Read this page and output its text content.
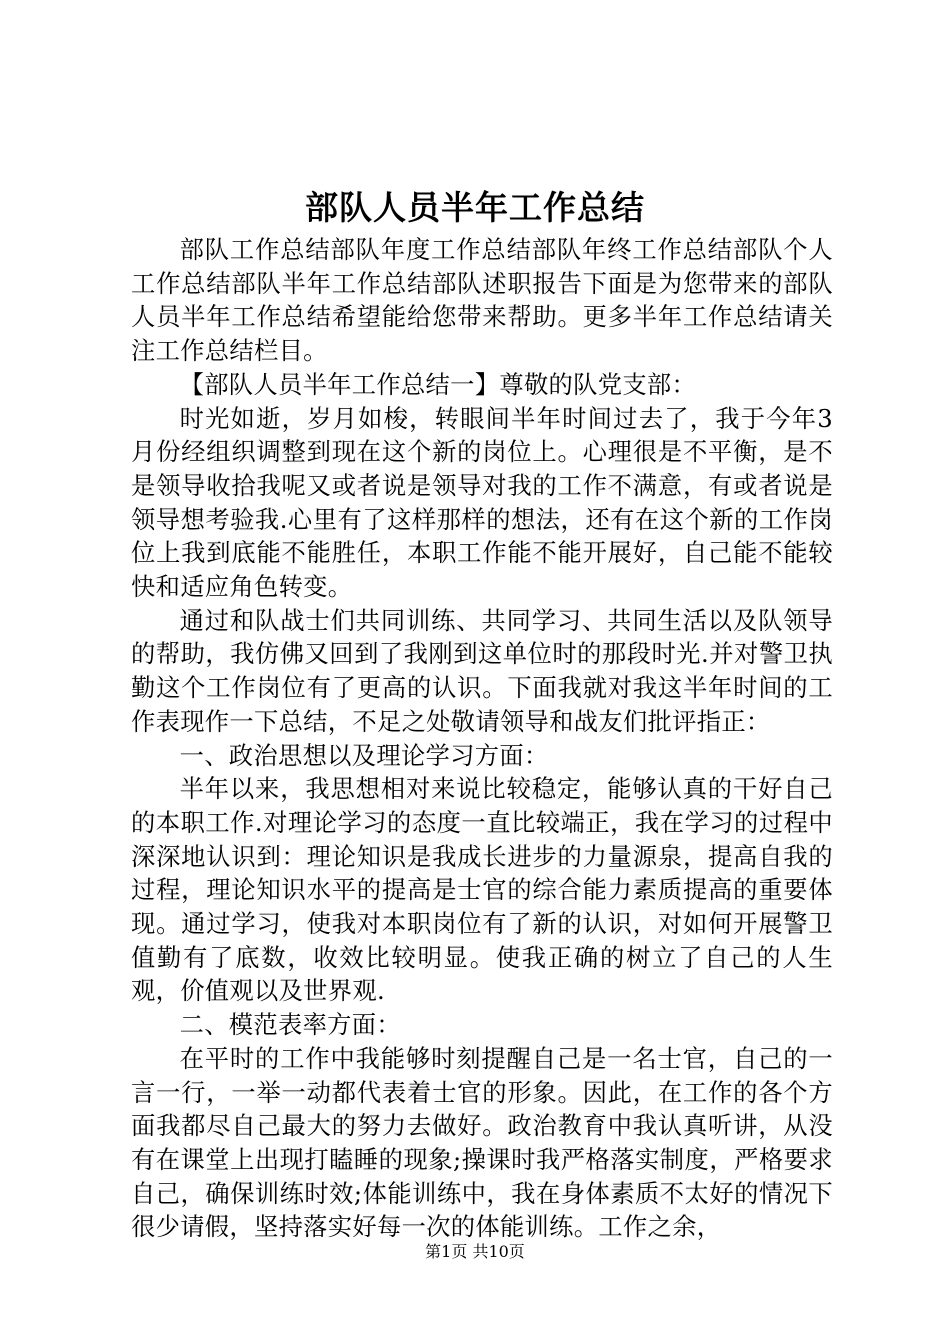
部队人员半年工作总结

部队工作总结部队年度工作总结部队年终工作总结部队个人工作总结部队半年工作总结部队述职报告下面是为您带来的部队人员半年工作总结希望能给您带来帮助。更多半年工作总结请关注工作总结栏目。

【部队人员半年工作总结一】尊敬的队党支部：

时光如逝，岁月如梭，转眼间半年时间过去了，我于今年3月份经组织调整到现在这个新的岗位上。心理很是不平衡，是不是领导收拾我呢又或者说是领导对我的工作不满意，有或者说是领导想考验我.心里有了这样那样的想法，还有在这个新的工作岗位上我到底能不能胜任，本职工作能不能开展好，自己能不能较快和适应角色转变。

通过和队战士们共同训练、共同学习、共同生活以及队领导的帮助，我仿佛又回到了我刚到这单位时的那段时光.并对警卫执勤这个工作岗位有了更高的认识。下面我就对我这半年时间的工作表现作一下总结，不足之处敬请领导和战友们批评指正：

一、政治思想以及理论学习方面：

半年以来，我思想相对来说比较稳定，能够认真的干好自己的本职工作.对理论学习的态度一直比较端正，我在学习的过程中深深地认识到：理论知识是我成长进步的力量源泉，提高自我的过程，理论知识水平的提高是士官的综合能力素质提高的重要体现。通过学习，使我对本职岗位有了新的认识，对如何开展警卫值勤有了底数，收效比较明显。使我正确的树立了自己的人生观，价值观以及世界观.

二、模范表率方面：

在平时的工作中我能够时刻提醒自己是一名士官，自己的一言一行，一举一动都代表着士官的形象。因此，在工作的各个方面我都尽自己最大的努力去做好。政治教育中我认真听讲，从没有在课堂上出现打瞌睡的现象;操课时我严格落实制度，严格要求自己，确保训练时效;体能训练中，我在身体素质不太好的情况下很少请假，坚持落实好每一次的体能训练。工作之余，

第1页 共10页
